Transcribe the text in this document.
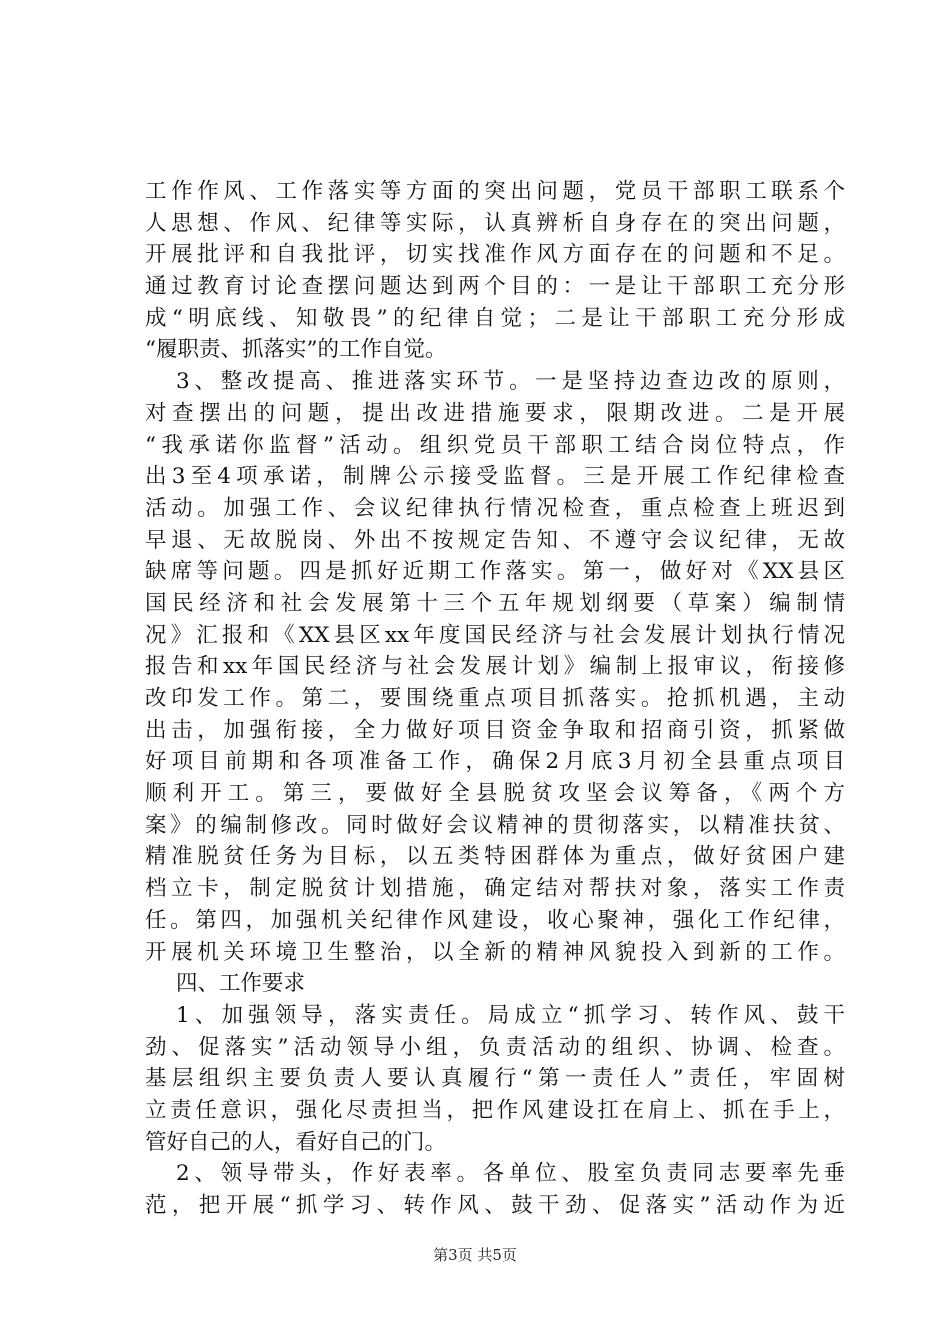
工作作风、工作落实等方面的突出问题，党员干部职工联系个
人思想、作风、纪律等实际，认真辨析自身存在的突出问题，
开展批评和自我批评，切实找准作风方面存在的问题和不足。
通过教育讨论查摆问题达到两个目的：一是让干部职工充分形
成“明底线、知敬畏”的纪律自觉；二是让干部职工充分形成
“履职责、抓落实”的工作自觉。
3、整改提高、推进落实环节。一是坚持边查边改的原则，
对查摆出的问题，提出改进措施要求，限期改进。二是开展
“我承诺你监督”活动。组织党员干部职工结合岗位特点，作
出3至4项承诺，制牌公示接受监督。三是开展工作纪律检查
活动。加强工作、会议纪律执行情况检查，重点检查上班迟到
早退、无故脱岗、外出不按规定告知、不遵守会议纪律，无故
缺席等问题。四是抓好近期工作落实。第一，做好对《XX县区
国民经济和社会发展第十三个五年规划纲要（草案）编制情
况》汇报和《XX县区xx年度国民经济与社会发展计划执行情况
报告和xx年国民经济与社会发展计划》编制上报审议，衔接修
改印发工作。第二，要围绕重点项目抓落实。抢抓机遇，主动
出击，加强衔接，全力做好项目资金争取和招商引资，抓紧做
好项目前期和各项准备工作，确保2月底3月初全县重点项目
顺利开工。第三，要做好全县脱贫攻坚会议筹备，《两个方
案》的编制修改。同时做好会议精神的贯彻落实，以精准扶贫、
精准脱贫任务为目标，以五类特困群体为重点，做好贫困户建
档立卡，制定脱贫计划措施，确定结对帮扶对象，落实工作责
任。第四，加强机关纪律作风建设，收心聚神，强化工作纪律，
开展机关环境卫生整治，以全新的精神风貌投入到新的工作。
四、工作要求
1、加强领导，落实责任。局成立“抓学习、转作风、鼓干
劲、促落实”活动领导小组，负责活动的组织、协调、检查。
基层组织主要负责人要认真履行“第一责任人”责任，牢固树
立责任意识，强化尽责担当，把作风建设扛在肩上、抓在手上，
管好自己的人，看好自己的门。
2、领导带头，作好表率。各单位、股室负责同志要率先垂
范，把开展“抓学习、转作风、鼓干劲、促落实”活动作为近
第3页 共5页
